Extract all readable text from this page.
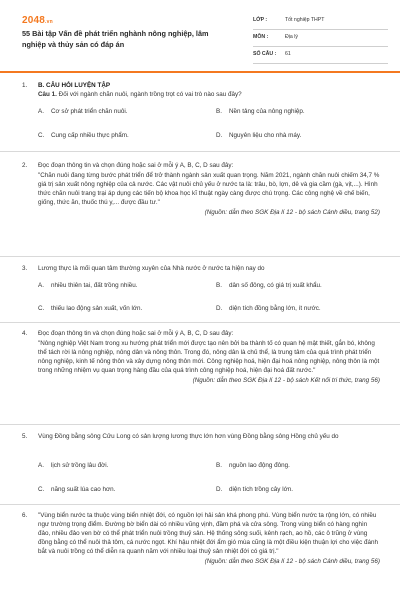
2048.vn
55 Bài tập Vấn đề phát triển nghành nông nghiệp, lâm nghiệp và thủy sản có đáp án
LỚP :	Tốt nghiệp THPT
MÔN :	Địa lý
SỐ CÂU :	61
1. B. CÂU HỎI LUYỆN TẬP
Câu 1. Đối với ngành chăn nuôi, ngành trồng trọt có vai trò nào sau đây?
A. Cơ sở phát triển chăn nuôi.	B. Nền tảng của nông nghiệp.
C. Cung cấp nhiều thực phẩm.	D. Nguyên liệu cho nhà máy.
2. Đọc đoạn thông tin và chọn đúng hoặc sai ở mỗi ý A, B, C, D sau đây:
"Chăn nuôi đang từng bước phát triển để trở thành ngành sản xuất quan trọng. Năm 2021, ngành chăn nuôi chiếm 34,7 % giá trị sản xuất nông nghiệp của cả nước. Các vật nuôi chủ yếu ở nước ta là: trâu, bò, lợn, dê và gia cầm (gà, vịt,...). Hình thức chăn nuôi trang trại áp dụng các tiến bộ khoa học kĩ thuật ngày càng được chú trọng. Các công nghệ về chế biến, giống, thức ăn, thuốc thú y,... được đầu tư."
(Nguồn: dẫn theo SGK Địa lí 12 - bộ sách Cánh diều, trang 52)
3. Lương thực là mối quan tâm thường xuyên của Nhà nước ở nước ta hiện nay do
A. nhiều thiên tai, đất trồng nhiều.	B. dân số đông, có giá trị xuất khẩu.
C. thiếu lao động sản xuất, vốn lớn.	D. diện tích đồng bằng lớn, ít nước.
4. Đọc đoạn thông tin và chọn đúng hoặc sai ở mỗi ý A, B, C, D sau đây:
"Nông nghiệp Việt Nam trong xu hướng phát triển mới được tạo nên bởi ba thành tố có quan hệ mật thiết, gắn bó, không thể tách rời là nông nghiệp, nông dân và nông thôn. Trong đó, nông dân là chủ thể, là trung tâm của quá trình phát triển nông nghiệp, kinh tế nông thôn và xây dựng nông thôn mới. Công nghiệp hoá, hiện đại hoá nông nghiệp, nông thôn là một trong những nhiệm vụ quan trọng hàng đầu của quá trình công nghiệp hoá, hiện đại hoá đất nước."
(Nguồn: dẫn theo SGK Địa lí 12 - bộ sách Kết nối tri thức, trang 56)
5. Vùng Đồng bằng sông Cửu Long có sản lượng lương thực lớn hơn vùng Đồng bằng sông Hồng chủ yếu do
A. lịch sử trồng lâu đời.	B. nguồn lao động đông.
C. năng suất lúa cao hơn.	D. diện tích trồng cây lớn.
6. "Vùng biển nước ta thuộc vùng biển nhiệt đới, có nguồn lợi hải sản khá phong phú. Vùng biển nước ta rộng lớn, có nhiều ngư trường trọng điểm. Đường bờ biển dài có nhiều vũng vịnh, đầm phá và cửa sông. Trong vùng biển có hàng nghìn đảo, nhiều đảo ven bờ có thể phát triển nuôi trồng thuỷ sản. Hệ thống sông suối, kênh rạch, ao hồ, các ô trũng ở vùng đồng bằng có thể nuôi thả tôm, cá nước ngọt. Khí hậu nhiệt đới ẩm gió mùa cũng là một điều kiện thuận lợi cho việc đánh bắt và nuôi trồng có thể diễn ra quanh năm với nhiều loại thuỷ sản nhiệt đới có giá trị."
(Nguồn: dẫn theo SGK Địa lí 12 - bộ sách Cánh diều, trang 56)
